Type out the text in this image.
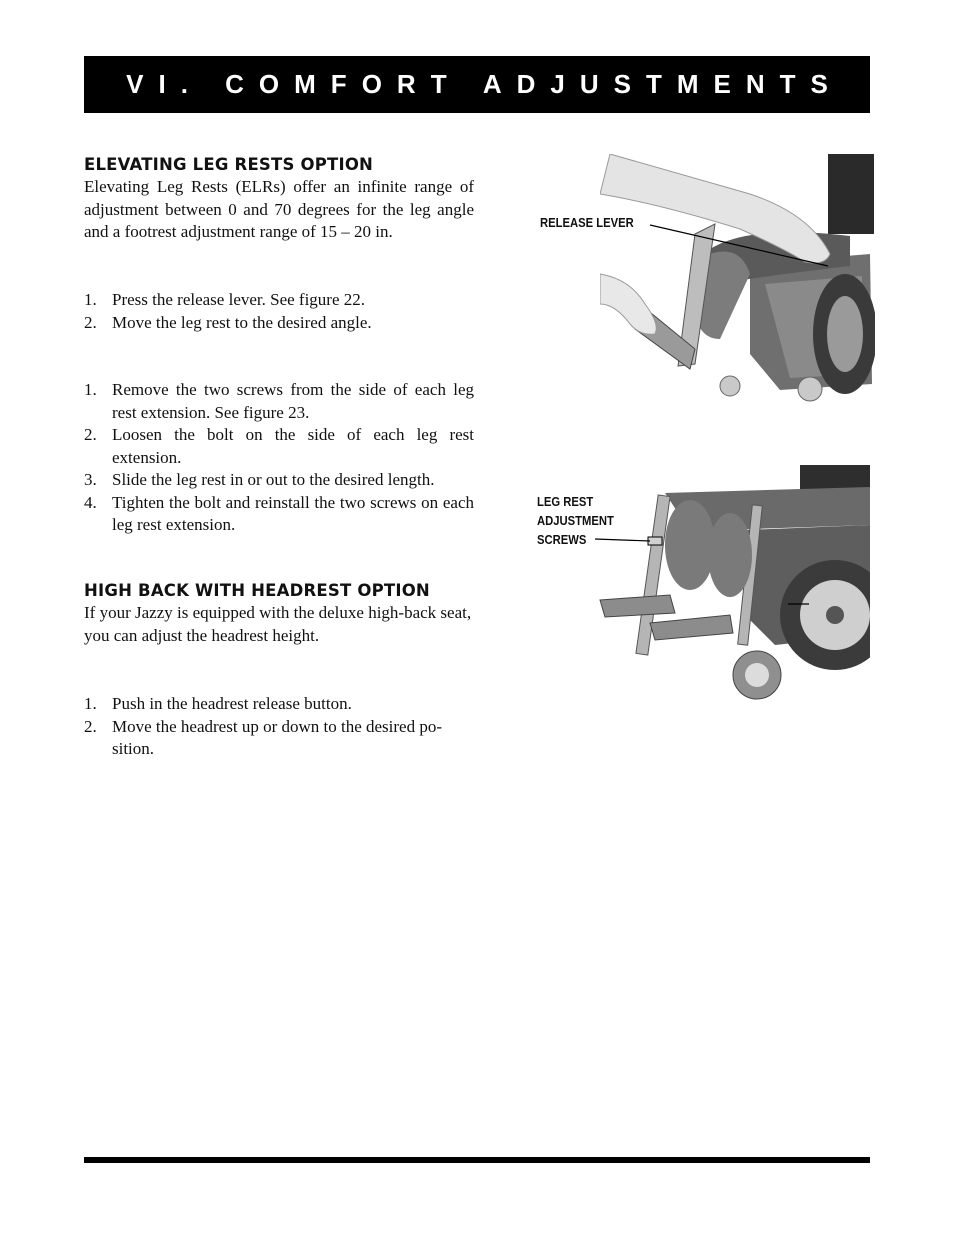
VI. COMFORT ADJUSTMENTS
ELEVATING LEG RESTS OPTION

Elevating Leg Rests (ELRs) offer an infinite range of adjustment between 0 and 70 degrees for the leg angle and a footrest adjustment range of 15 – 20 in.

1. Press the release lever. See figure 22.
2. Move the leg rest to the desired angle.
1. Remove the two screws from the side of each leg rest extension. See figure 23.
2. Loosen the bolt on the side of each leg rest extension.
3. Slide the leg rest in or out to the desired length.
4. Tighten the bolt and reinstall the two screws on each leg rest extension.
HIGH BACK WITH HEADREST OPTION

If your Jazzy is equipped with the deluxe high-back seat, you can adjust the headrest height.

1. Push in the headrest release button.
2. Move the headrest up or down to the desired po-sition.
RELEASE LEVER
LEG REST
ADJUSTMENT
SCREWS
